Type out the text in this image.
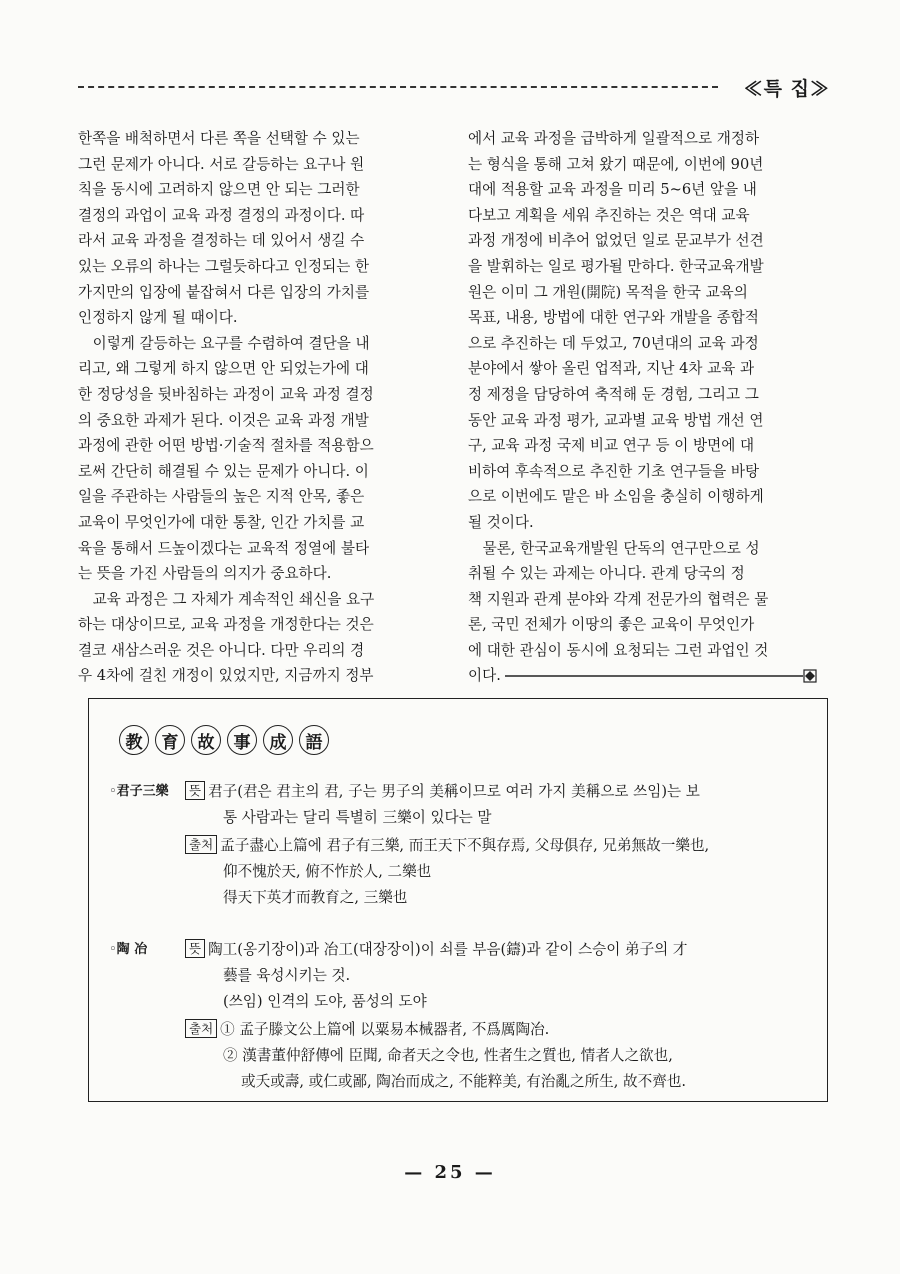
≪특 집≫
한쪽을 배척하면서 다른 쪽을 선택할 수 있는
그런 문제가 아니다. 서로 갈등하는 요구나 원
칙을 동시에 고려하지 않으면 안 되는 그러한
결정의 과업이 교육 과정 결정의 과정이다. 따
라서 교육 과정을 결정하는 데 있어서 생길 수
있는 오류의 하나는 그럴듯하다고 인정되는 한
가지만의 입장에 붙잡혀서 다른 입장의 가치를
인정하지 않게 될 때이다.
　이렇게 갈등하는 요구를 수렴하여 결단을 내
리고, 왜 그렇게 하지 않으면 안 되었는가에 대
한 정당성을 뒷바침하는 과정이 교육 과정 결정
의 중요한 과제가 된다. 이것은 교육 과정 개발
과정에 관한 어떤 방법·기술적 절차를 적용함으
로써 간단히 해결될 수 있는 문제가 아니다. 이
일을 주관하는 사람들의 높은 지적 안목, 좋은
교육이 무엇인가에 대한 통찰, 인간 가치를 교
육을 통해서 드높이겠다는 교육적 정열에 불타
는 뜻을 가진 사람들의 의지가 중요하다.
　교육 과정은 그 자체가 계속적인 쇄신을 요구
하는 대상이므로, 교육 과정을 개정한다는 것은
결코 새삼스러운 것은 아니다. 다만 우리의 경
우 4차에 걸친 개정이 있었지만, 지금까지 정부
에서 교육 과정을 급박하게 일괄적으로 개정하
는 형식을 통해 고쳐 왔기 때문에, 이번에 90년
대에 적용할 교육 과정을 미리 5~6년 앞을 내
다보고 계획을 세워 추진하는 것은 역대 교육
과정 개정에 비추어 없었던 일로 문교부가 선견
을 발휘하는 일로 평가될 만하다. 한국교육개발
원은 이미 그 개원(開院) 목적을 한국 교육의
목표, 내용, 방법에 대한 연구와 개발을 종합적
으로 추진하는 데 두었고, 70년대의 교육 과정
분야에서 쌓아 올린 업적과, 지난 4차 교육 과
정 제정을 담당하여 축적해 둔 경험, 그리고 그
동안 교육 과정 평가, 교과별 교육 방법 개선 연
구, 교육 과정 국제 비교 연구 등 이 방면에 대
비하여 후속적으로 추진한 기초 연구들을 바탕
으로 이번에도 맡은 바 소임을 충실히 이행하게
될 것이다.
　물론, 한국교육개발원 단독의 연구만으로 성
취될 수 있는 과제는 아니다. 관계 당국의 정
책 지원과 관계 분야와 각계 전문가의 협력은 물
론, 국민 전체가 이땅의 좋은 교육이 무엇인가
에 대한 관심이 동시에 요청되는 그런 과업인 것
이다.
教	育	故	事	成	語
◦君子三樂	뜻 君子(君은 君主의 君, 子는 男子의 美稱이므로 여러 가지 美稱으로 쓰임)는 보
통 사람과는 달리 특별히 三樂이 있다는 말
출처 孟子盡心上篇에 君子有三樂, 而王天下不與存焉, 父母俱存, 兄弟無故一樂也,
仰不愧於天, 俯不怍於人, 二樂也
得天下英才而教育之, 三樂也
◦陶 冶	뜻 陶工(옹기장이)과 冶工(대장장이)이 쇠를 부음(鑄)과 같이 스승이 弟子의 才
藝를 육성시키는 것.
(쓰임) 인격의 도야, 품성의 도야
출처 ① 孟子滕文公上篇에 以粟易本械器者, 不爲厲陶冶.
② 漢書董仲舒傳에 臣聞, 命者天之令也, 性者生之質也, 情者人之欲也,
或夭或壽, 或仁或鄙, 陶冶而成之, 不能粹美, 有治亂之所生, 故不齊也.
— 25 —
